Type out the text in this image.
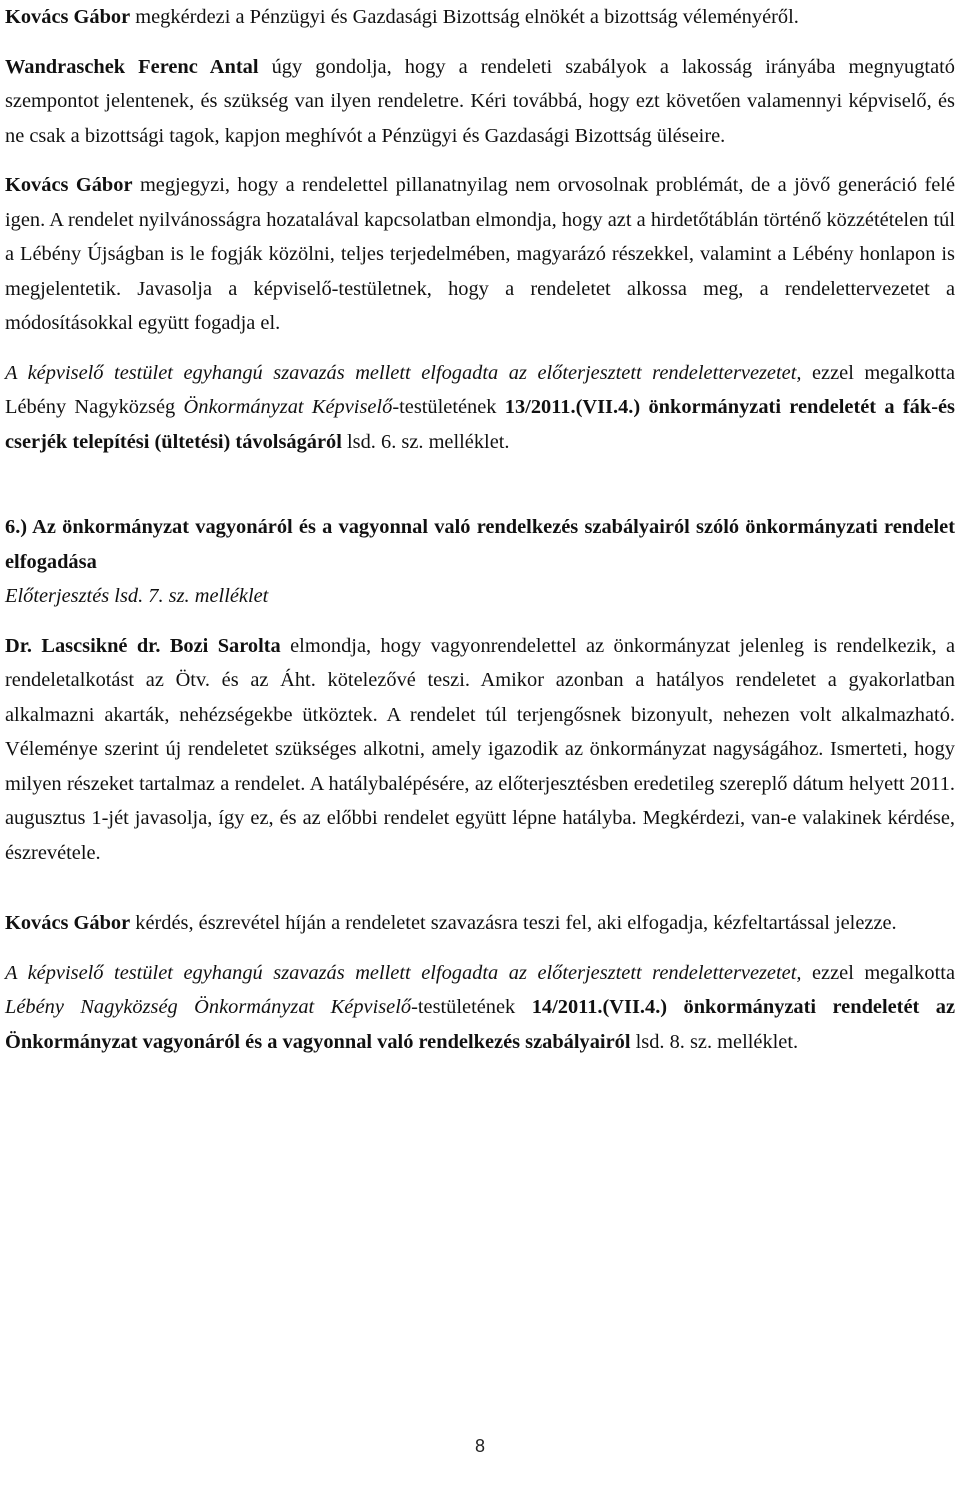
Kovács Gábor megkérdezi a Pénzügyi és Gazdasági Bizottság elnökét a bizottság véleményéről.

Wandraschek Ferenc Antal úgy gondolja, hogy a rendeleti szabályok a lakosság irányába megnyugtató szempontot jelentenek, és szükség van ilyen rendeletre. Kéri továbbá, hogy ezt követően valamennyi képviselő, és ne csak a bizottsági tagok, kapjon meghívót a Pénzügyi és Gazdasági Bizottság üléseire.

Kovács Gábor megjegyzi, hogy a rendelettel pillanatnyilag nem orvosolnak problémát, de a jövő generáció felé igen. A rendelet nyilvánosságra hozatalával kapcsolatban elmondja, hogy azt a hirdetőtáblán történő közzétételen túl a Lébény Újságban is le fogják közölni, teljes terjedelmében, magyarázó részekkel, valamint a Lébény honlapon is megjelentetik. Javasolja a képviselő-testületnek, hogy a rendeletet alkossa meg, a rendelettervezetet a módosításokkal együtt fogadja el.

A képviselő testület egyhangú szavazás mellett elfogadta az előterjesztett rendelettervezetet, ezzel megalkotta Lébény Nagyközség Önkormányzat Képviselő-testületének 13/2011.(VII.4.) önkormányzati rendeletét a fák-és cserjék telepítési (ültetési) távolságáról lsd. 6. sz. melléklet.

6.) Az önkormányzat vagyonáról és a vagyonnal való rendelkezés szabályairól szóló önkormányzati rendelet elfogadása

Előterjesztés lsd. 7. sz. melléklet

Dr. Lascsikné dr. Bozi Sarolta elmondja, hogy vagyonrendelettel az önkormányzat jelenleg is rendelkezik, a rendeletalkotást az Ötv. és az Áht. kötelezővé teszi. Amikor azonban a hatályos rendeletet a gyakorlatban alkalmazni akarták, nehézségekbe ütköztek. A rendelet túl terjengősnek bizonyult, nehezen volt alkalmazható. Véleménye szerint új rendeletet szükséges alkotni, amely igazodik az önkormányzat nagyságához. Ismerteti, hogy milyen részeket tartalmaz a rendelet. A hatálybalépésére, az előterjesztésben eredetileg szereplő dátum helyett 2011. augusztus 1-jét javasolja, így ez, és az előbbi rendelet együtt lépne hatályba. Megkérdezi, van-e valakinek kérdése, észrevétele.

Kovács Gábor kérdés, észrevétel híján a rendeletet szavazásra teszi fel, aki elfogadja, kézfeltartással jelezze.

A képviselő testület egyhangú szavazás mellett elfogadta az előterjesztett rendelettervezetet, ezzel megalkotta Lébény Nagyközség Önkormányzat Képviselő-testületének 14/2011.(VII.4.) önkormányzati rendeletét az Önkormányzat vagyonáról és a vagyonnal való rendelkezés szabályairól lsd. 8. sz. melléklet.

8
